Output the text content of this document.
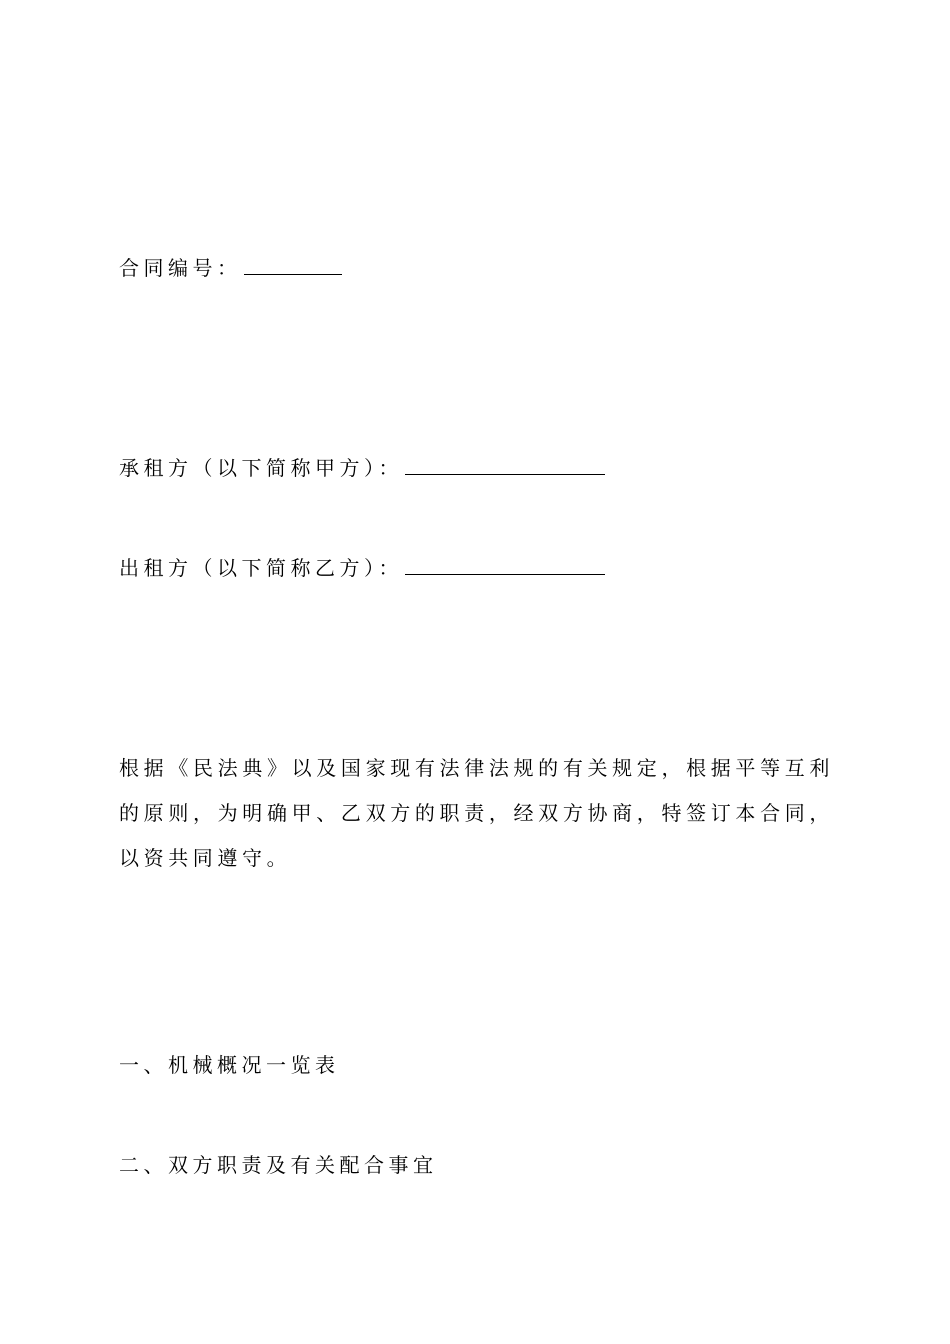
合同编号：
承租方（以下简称甲方）：
出租方（以下简称乙方）：
根据《民法典》以及国家现有法律法规的有关规定，根据平等互利的原则，为明确甲、乙双方的职责，经双方协商，特签订本合同，以资共同遵守。
一、机械概况一览表
二、双方职责及有关配合事宜
